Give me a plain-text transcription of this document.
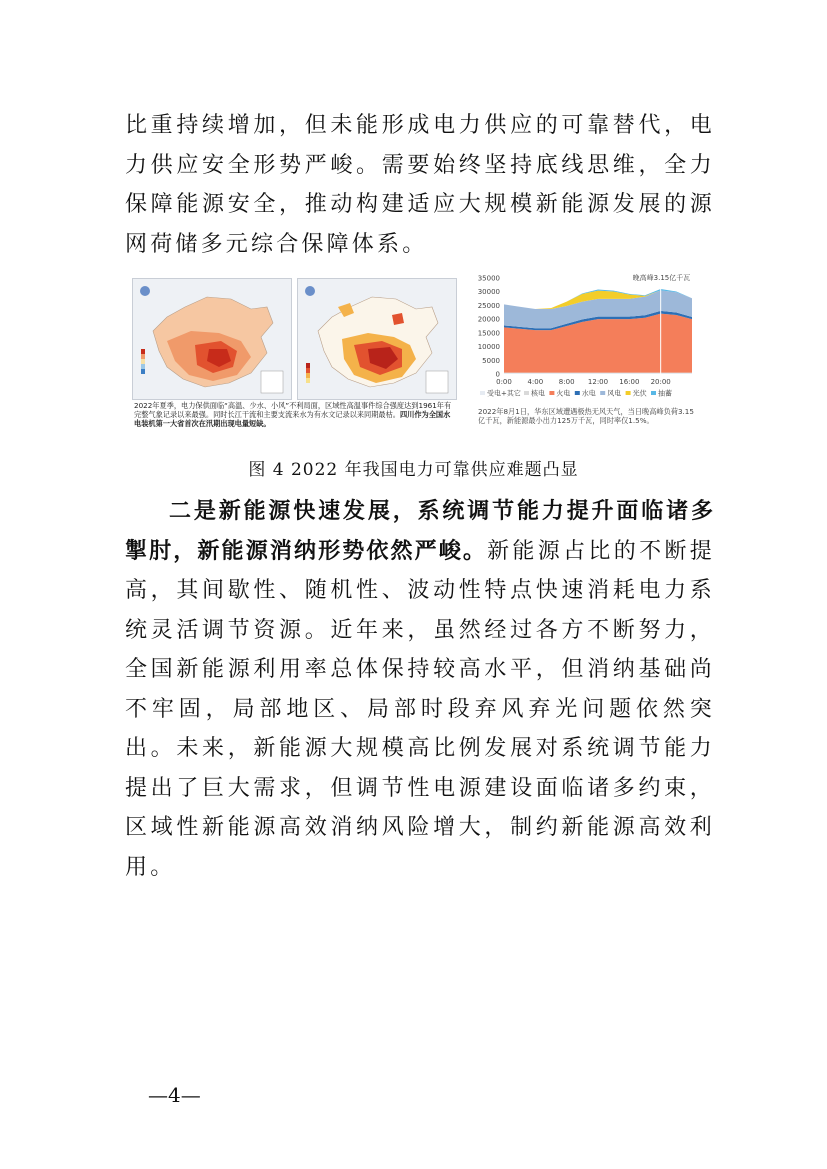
比重持续增加，但未能形成电力供应的可靠替代，电力供应安全形势严峻。需要始终坚持底线思维，全力保障能源安全，推动构建适应大规模新能源发展的源网荷储多元综合保障体系。
2022年夏季，电力保供面临“高温、少水、小风”不利局面，区域性高温事件综合强度达到1961年有完整气象记录以来最强。同时长江干流和主要支流来水为有水文记录以来同期最枯。四川作为全国水电装机第一大省首次在汛期出现电量短缺。
0
5000
10000
15000
20000
25000
30000
35000	晚高峰3.15亿千瓦
0:00 4:00 8:00 12:00 16:00 20:00
受电+其它 核电 火电 水电 风电 光伏 抽蓄
2022年8月1日，华东区域遭遇极热无风天气，当日晚高峰负荷3.15亿千瓦，新能源最小出力125万千瓦，同时率仅1.5%。
图 4 2022 年我国电力可靠供应难题凸显
二是新能源快速发展，系统调节能力提升面临诸多掣肘，新能源消纳形势依然严峻。新能源占比的不断提高，其间歇性、随机性、波动性特点快速消耗电力系统灵活调节资源。近年来，虽然经过各方不断努力，全国新能源利用率总体保持较高水平，但消纳基础尚不牢固，局部地区、局部时段弃风弃光问题依然突出。未来，新能源大规模高比例发展对系统调节能力提出了巨大需求，但调节性电源建设面临诸多约束，区域性新能源高效消纳风险增大，制约新能源高效利用。
—4—
